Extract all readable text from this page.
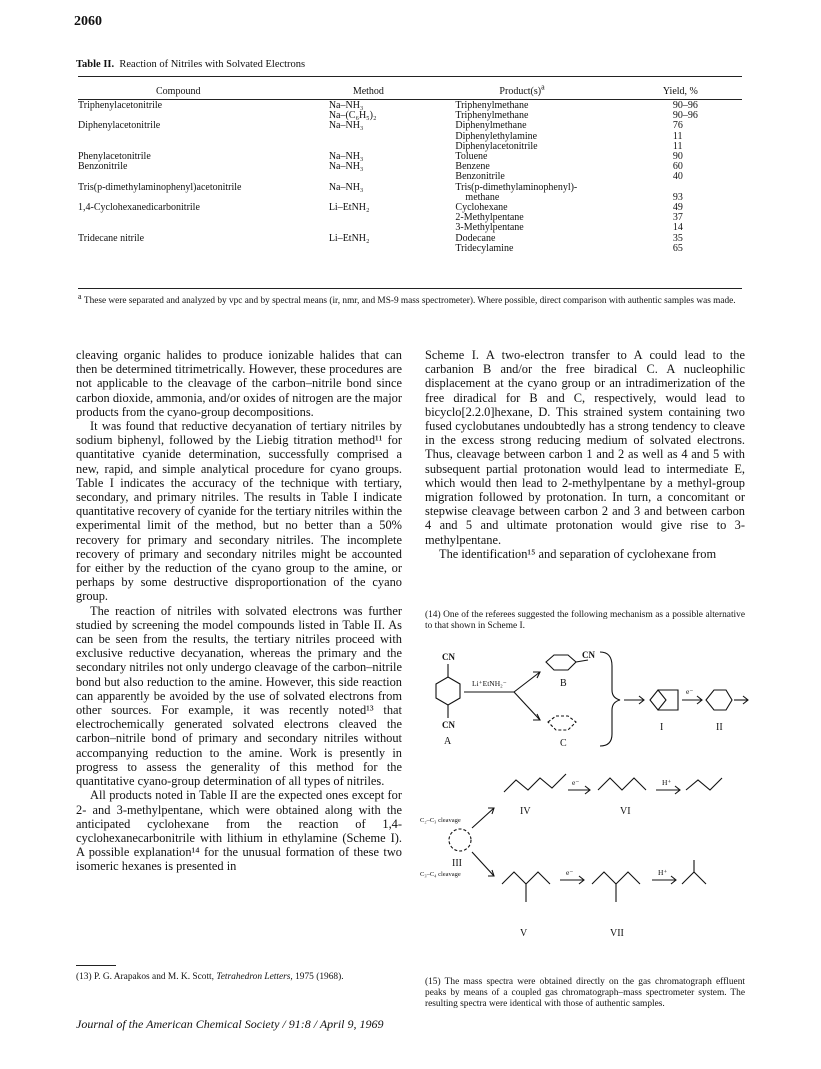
2060
Table II. Reaction of Nitriles with Solvated Electrons
Compound	Method	$Product(s)^a$	Yield, %
Triphenylacetonitrile	Na–NH₃	Triphenylmethane	90–96
	Na–(C₆H₅)₂	Triphenylmethane	90–96
Diphenylacetonitrile	Na–NH₃	Diphenylmethane	76
		Diphenylethylamine	11
		Diphenylacetonitrile	11
Phenylacetonitrile	Na–NH₃	Toluene	90
Benzonitrile	Na–NH₃	Benzene	60
		Benzonitrile	40
Tris(p-dimethylaminophenyl)acetonitrile	Na–NH₃	Tris(p-dimethylaminophenyl)-	
		methane	93
1,4-Cyclohexanedicarbonitrile	Li–EtNH₂	Cyclohexane	49
		2-Methylpentane	37
		3-Methylpentane	14
Tridecane nitrile	Li–EtNH₂	Dodecane	35
		Tridecylamine	65
$^a$ These were separated and analyzed by vpc and by spectral means (ir, nmr, and MS-9 mass spectrometer). Where possible, direct comparison with authentic samples was made.

cleaving organic halides to produce ionizable halides that can then be determined titrimetrically. However, these procedures are not applicable to the cleavage of the carbon–nitrile bond since carbon dioxide, ammonia, and/or oxides of nitrogen are the major products from the cyano-group decompositions.

It was found that reductive decyanation of tertiary nitriles by sodium biphenyl, followed by the Liebig titration method¹¹ for quantitative cyanide determination, successfully comprised a new, rapid, and simple analytical procedure for cyano groups. Table I indicates the accuracy of the technique with tertiary, secondary, and primary nitriles. The results in Table I indicate quantitative recovery of cyanide for the tertiary nitriles within the experimental limit of the method, but no better than a 50% recovery for primary and secondary nitriles. The incomplete recovery of primary and secondary nitriles might be accounted for either by the reduction of the cyano group to the amine, or perhaps by some destructive disproportionation of the cyano group.

The reaction of nitriles with solvated electrons was further studied by screening the model compounds listed in Table II. As can be seen from the results, the tertiary nitriles proceed with exclusive reductive decyanation, whereas the primary and the secondary nitriles not only undergo cleavage of the carbon–nitrile bond but also reduction to the amine. However, this side reaction can apparently be avoided by the use of solvated electrons from other sources. For example, it was recently noted¹³ that electrochemically generated solvated electrons cleaved the carbon–nitrile bond of primary and secondary nitriles without accompanying reduction to the amine. Work is presently in progress to assess the generality of this method for the quantitative cyano-group determination of all types of nitriles.

All products noted in Table II are the expected ones except for 2- and 3-methylpentane, which were obtained along with the anticipated cyclohexane from the reaction of 1,4-cyclohexanecarbonitrile with lithium in ethylamine (Scheme I). A possible explanation¹⁴ for the unusual formation of these two isomeric hexanes is presented in

Scheme I. A two-electron transfer to A could lead to the carbanion B and/or the free biradical C. A nucleophilic displacement at the cyano group or an intradimerization of the free diradical for B and C, respectively, would lead to bicyclo[2.2.0]hexane, D. This strained system containing two fused cyclobutanes undoubtedly has a strong tendency to cleave in the excess strong reducing medium of solvated electrons. Thus, cleavage between carbon 1 and 2 as well as 4 and 5 with subsequent partial protonation would lead to intermediate E, which would then lead to 2-methylpentane by a methyl-group migration followed by protonation. In turn, a concomitant or stepwise cleavage between carbon 2 and 3 and between carbon 4 and 5 and ultimate protonation would give rise to 3-methylpentane.

The identification¹⁵ and separation of cyclohexane from

(14) One of the referees suggested the following mechanism as a possible alternative to that shown in Scheme I.
CN
CN
CN
Li⁺EtNH₂⁻
e⁻
e⁻	H⁺
e⁻	H⁺
C₂–C₃ cleavage
C₃–C₄ cleavage
A
B
C
I	II
III
IV	VI
V	VII
(15) The mass spectra were obtained directly on the gas chromatograph effluent peaks by means of a coupled gas chromatograph–mass spectrometer system. The resulting spectra were identical with those of authentic samples.
(13) P. G. Arapakos and M. K. Scott, Tetrahedron Letters, 1975 (1968).
Journal of the American Chemical Society / 91:8 / April 9, 1969
